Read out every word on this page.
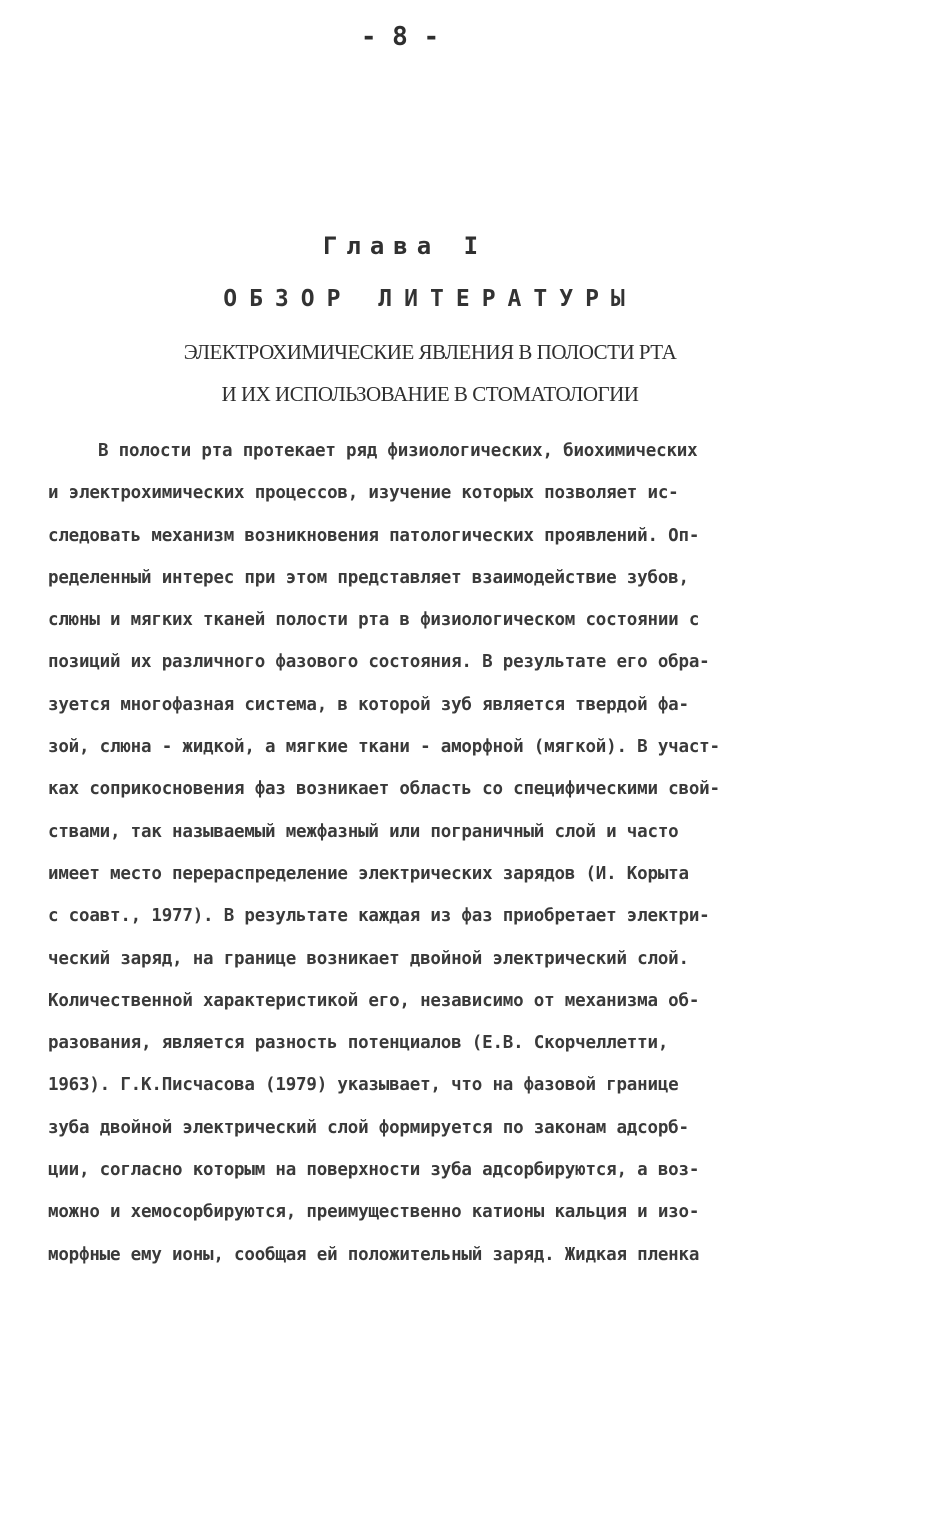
- 8 -
Глава I
ОБЗОР ЛИТЕРАТУРЫ
ЭЛЕКТРОХИМИЧЕСКИЕ ЯВЛЕНИЯ В ПОЛОСТИ РТА
И ИХ ИСПОЛЬЗОВАНИЕ В СТОМАТОЛОГИИ
В полости рта протекает ряд физиологических, биохимических
и электрохимических процессов, изучение которых позволяет ис-
следовать механизм возникновения патологических проявлений. Оп-
ределенный интерес при этом представляет взаимодействие зубов,
слюны и мягких тканей полости рта в физиологическом состоянии с
позиций их различного фазового состояния. В результате его обра-
зуется многофазная система, в которой зуб является твердой фа-
зой, слюна - жидкой, а мягкие ткани - аморфной (мягкой). В участ-
ках соприкосновения фаз возникает область со специфическими свой-
ствами, так называемый межфазный или пограничный слой и часто
имеет место перераспределение электрических зарядов (И. Корыта
с соавт., 1977). В результате каждая из фаз приобретает электри-
ческий заряд, на границе возникает двойной электрический слой.
Количественной характеристикой его, независимо от механизма об-
разования, является разность потенциалов (Е.В. Скорчеллетти,
1963). Г.К.Писчасова (1979) указывает, что на фазовой границе
зуба двойной электрический слой формируется по законам адсорб-
ции, согласно которым на поверхности зуба адсорбируются, а воз-
можно и хемосорбируются, преимущественно катионы кальция и изо-
морфные ему ионы, сообщая ей положительный заряд. Жидкая пленка
